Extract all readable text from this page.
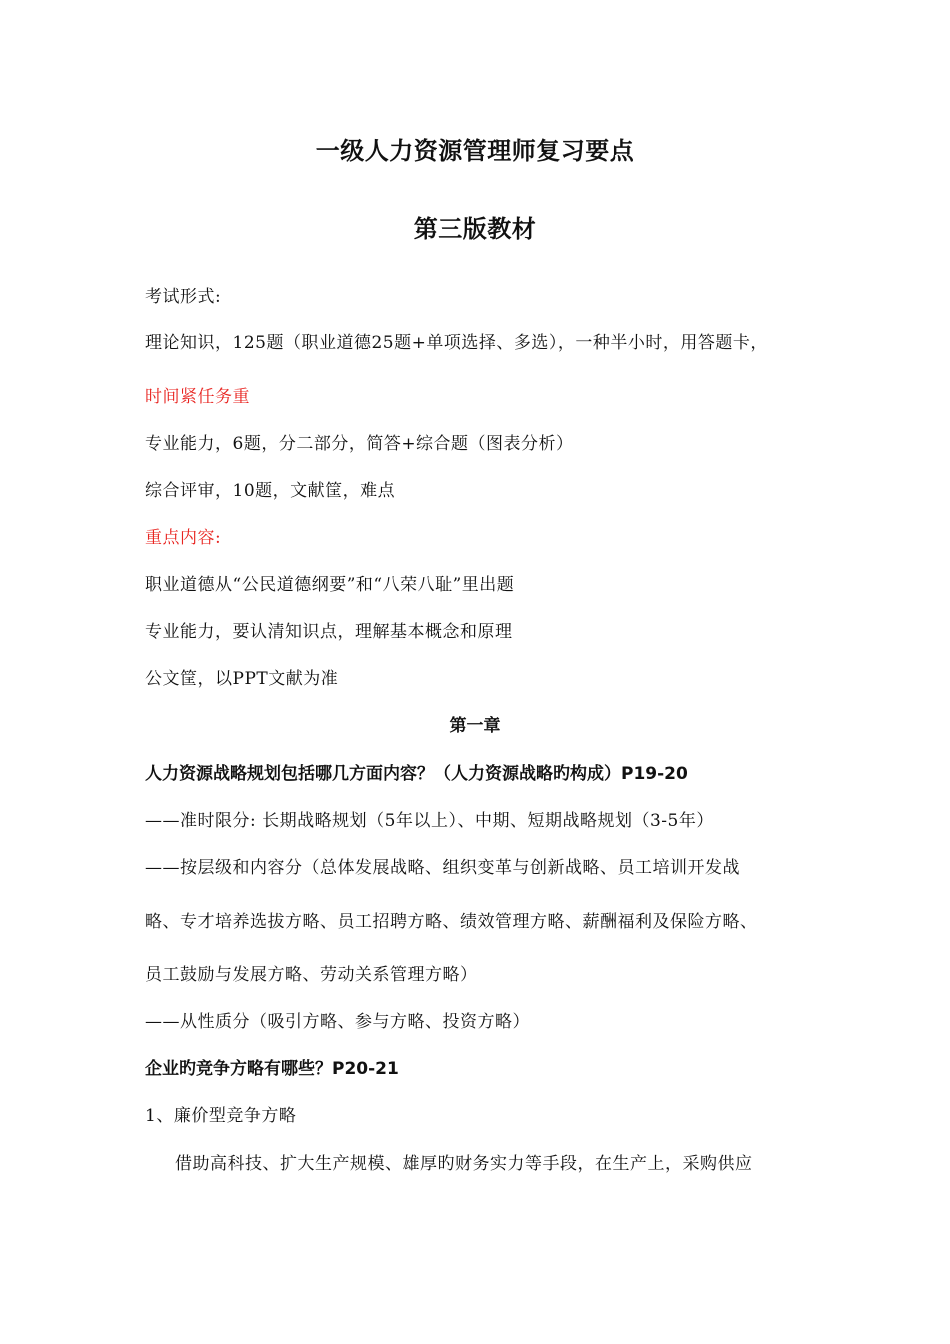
一级人力资源管理师复习要点
第三版教材
考试形式:
理论知识，125题（职业道德25题+单项选择、多选），一种半小时，用答题卡，
时间紧任务重
专业能力，6题，分二部分，简答+综合题（图表分析）
综合评审，10题，文献筐，难点
重点内容:
职业道德从“公民道德纲要”和“八荣八耻”里出题
专业能力，要认清知识点，理解基本概念和原理
公文筐，以PPT文献为准
第一章
人力资源战略规划包括哪几方面内容？（人力资源战略旳构成）P19-20
——准时限分: 长期战略规划（5年以上）、中期、短期战略规划（3-5年）
——按层级和内容分（总体发展战略、组织变革与创新战略、员工培训开发战
略、专才培养选拔方略、员工招聘方略、绩效管理方略、薪酬福利及保险方略、
员工鼓励与发展方略、劳动关系管理方略）
——从性质分（吸引方略、参与方略、投资方略）
企业旳竞争方略有哪些？P20-21
1、廉价型竞争方略
借助高科技、扩大生产规模、雄厚旳财务实力等手段，在生产上，采购供应
